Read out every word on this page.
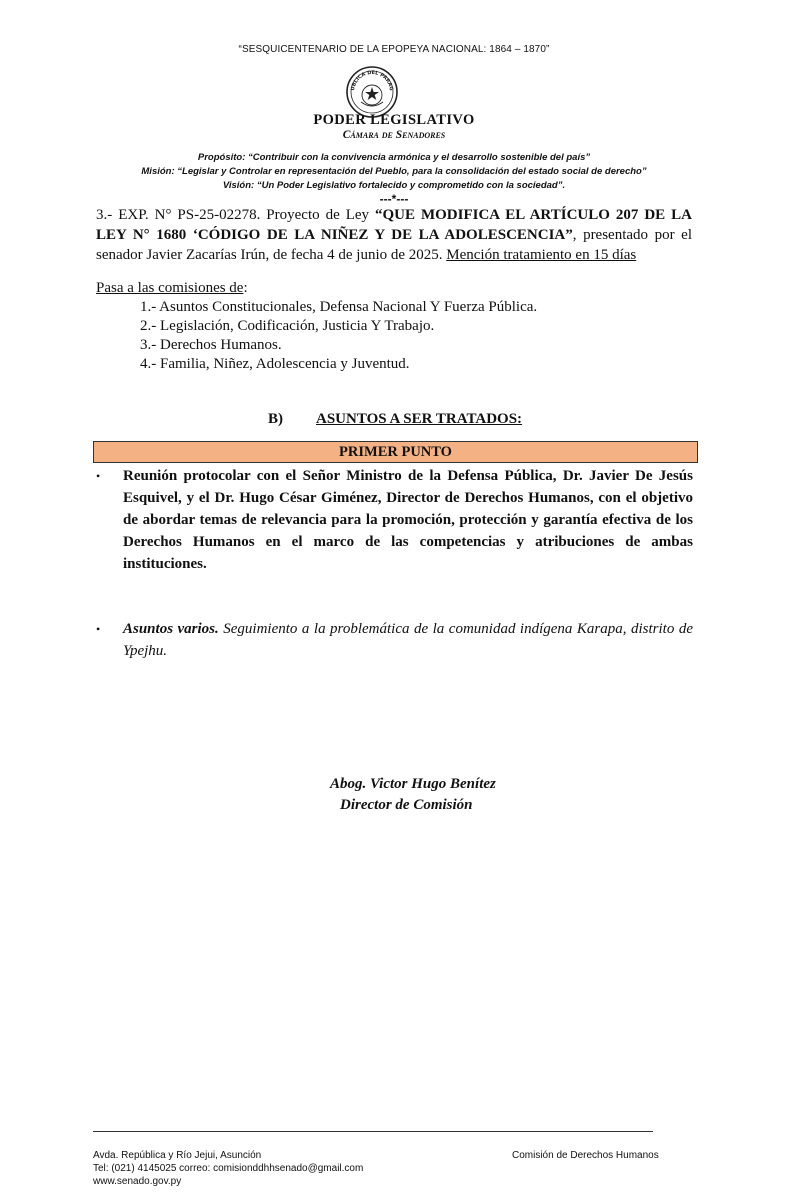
“SESQUICENTENARIO DE LA EPOPEYA NACIONAL: 1864 – 1870”
UBLICA DEL PARAG
PODER LEGISLATIVO
Cámara de Senadores
Propósito: “Contribuir con la convivencia armónica y el desarrollo sostenible del país”
Misión: “Legislar y Controlar en representación del Pueblo, para la consolidación del estado social de derecho”
Visión: “Un Poder Legislativo fortalecido y comprometido con la sociedad”.
---*---

3.- EXP. N° PS-25-02278. Proyecto de Ley “QUE MODIFICA EL ARTÍCULO 207 DE LA LEY N° 1680 ‘CÓDIGO DE LA NIÑEZ Y DE LA ADOLESCENCIA”, presentado por el senador Javier Zacarías Irún, de fecha 4 de junio de 2025. Mención tratamiento en 15 días

Pasa a las comisiones de:
1.- Asuntos Constitucionales, Defensa Nacional Y Fuerza Pública.
2.- Legislación, Codificación, Justicia Y Trabajo.
3.- Derechos Humanos.
4.- Familia, Niñez, Adolescencia y Juventud.
B) ASUNTOS A SER TRATADOS:
PRIMER PUNTO
• Reunión protocolar con el Señor Ministro de la Defensa Pública, Dr. Javier De Jesús Esquivel, y el Dr. Hugo César Giménez, Director de Derechos Humanos, con el objetivo de abordar temas de relevancia para la promoción, protección y garantía efectiva de los Derechos Humanos en el marco de las competencias y atribuciones de ambas instituciones.
• Asuntos varios. Seguimiento a la problemática de la comunidad indígena Karapa, distrito de Ypejhu.
Abog. Victor Hugo Benítez
Director de Comisión
Avda. República y Río Jejui, Asunción
Tel: (021) 4145025 correo: comisionddhhsenado@gmail.com
www.senado.gov.py
Comisión de Derechos Humanos
